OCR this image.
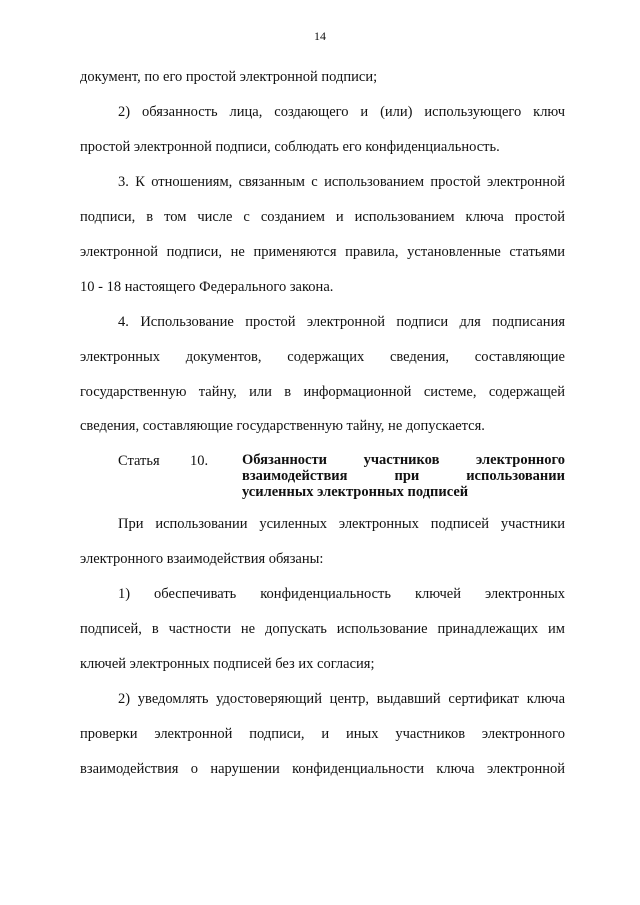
14
документ, по его простой электронной подписи;
2) обязанность лица, создающего и (или) использующего ключ
простой электронной подписи, соблюдать его конфиденциальность.
3. К отношениям, связанным с использованием простой электронной
подписи, в том числе с созданием и использованием ключа простой
электронной подписи, не применяются правила, установленные статьями
10 - 18 настоящего Федерального закона.
4. Использование простой электронной подписи для подписания
электронных документов, содержащих сведения, составляющие
государственную тайну, или в информационной системе, содержащей
сведения, составляющие государственную тайну, не допускается.
Статья 10. Обязанности участников электронного
взаимодействия при использовании
усиленных электронных подписей
При использовании усиленных электронных подписей участники
электронного взаимодействия обязаны:
1) обеспечивать конфиденциальность ключей электронных
подписей, в частности не допускать использование принадлежащих им
ключей электронных подписей без их согласия;
2) уведомлять удостоверяющий центр, выдавший сертификат ключа
проверки электронной подписи, и иных участников электронного
взаимодействия о нарушении конфиденциальности ключа электронной
